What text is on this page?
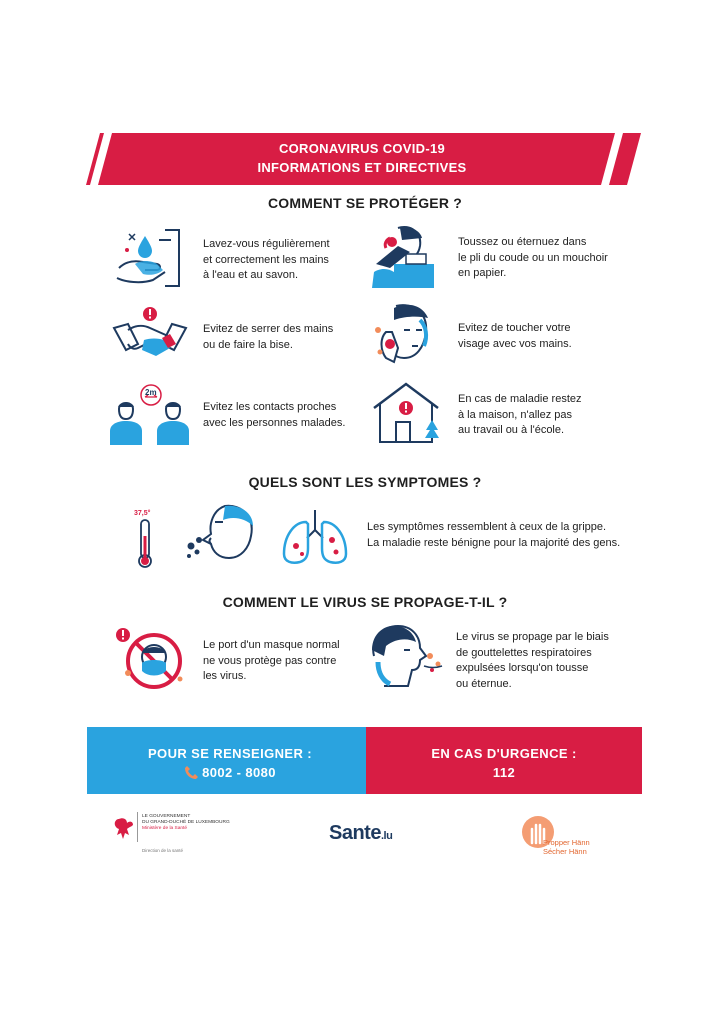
CORONAVIRUS COVID-19
INFORMATIONS ET DIRECTIVES
COMMENT SE PROTÉGER ?
Lavez-vous régulièrement
et correctement les mains
à l'eau et au savon.
Toussez ou éternuez dans
le pli du coude ou un mouchoir
en papier.
Evitez de serrer des mains
ou de faire la bise.
Evitez de toucher votre
visage avec vos mains.
Evitez les contacts proches
avec les personnes malades.
2m
En cas de maladie restez
à la maison, n'allez pas
au travail ou à l'école.
QUELS SONT LES SYMPTOMES ?
37,5°
Les symptômes ressemblent à ceux de la grippe.
La maladie reste bénigne pour la majorité des gens.
COMMENT LE VIRUS SE PROPAGE-T-IL ?
Le port d'un masque normal
ne vous protège pas contre
les virus.
Le virus se propage par le biais
de gouttelettes respiratoires
expulsées lorsqu'on tousse
ou éternue.
POUR SE RENSEIGNER :
8002 - 8080
EN CAS D'URGENCE :
112
LE GOUVERNEMENT
DU GRAND-DUCHÉ DE LUXEMBOURG
Ministère de la Santé
Direction de la santé
Sante.lu
Propper Hänn
Sécher Hänn
